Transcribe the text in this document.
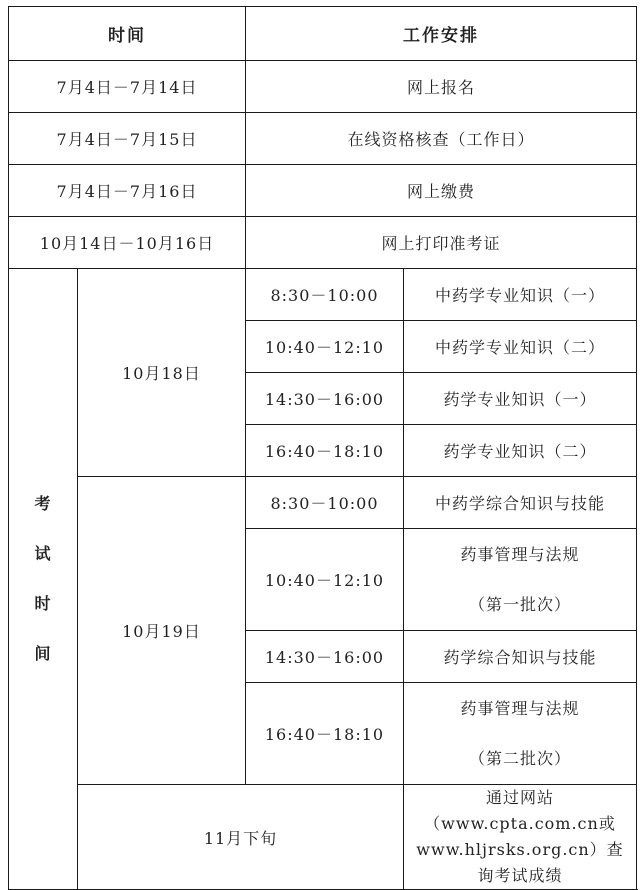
时间		工作安排	
7月4日－7月14日		网上报名	
7月4日－7月15日		在线资格核查（工作日）	
7月4日－7月16日		网上缴费	
10月14日－10月16日		网上打印准考证	

考
试
时
间	10月18日	8:30－10:00	中药学专业知识（一）
		10:40－12:10	中药学专业知识（二）
		14:30－16:00	药学专业知识（一）
		16:40－18:10	药学专业知识（二）
	10月19日	8:30－10:00	中药学综合知识与技能
		10:40－12:10	药事管理与法规
（第一批次）

		14:30－16:00	药学综合知识与技能
		16:40－18:10	药事管理与法规
（第二批次）

	11月下旬		通过网站（www.cpta.com.cn或
www.hljrsks.org.cn）查询考试成绩
